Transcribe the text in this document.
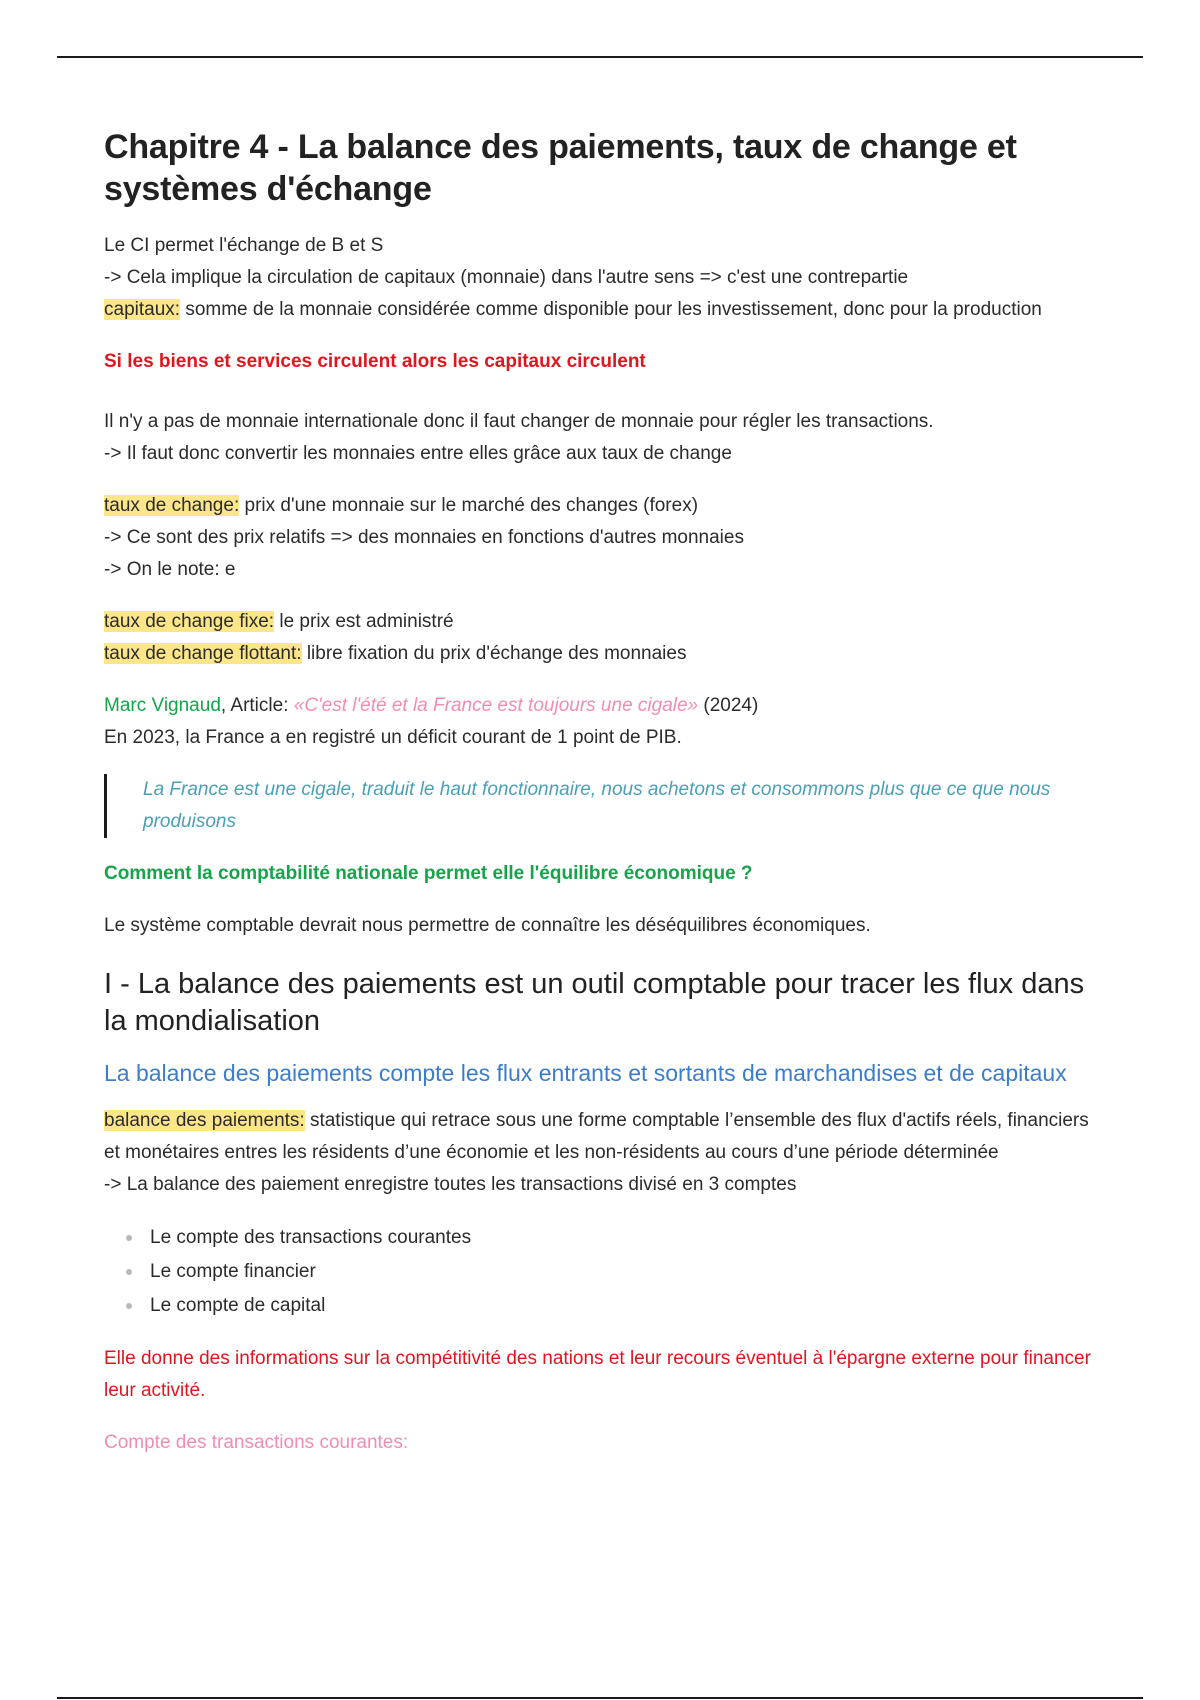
Chapitre 4 - La balance des paiements, taux de change et systèmes d'échange

Le CI permet l'échange de B et S

-> Cela implique la circulation de capitaux (monnaie) dans l'autre sens => c'est une contrepartie

capitaux: somme de la monnaie considérée comme disponible pour les investissement, donc pour la production

Si les biens et services circulent alors les capitaux circulent

Il n'y a pas de monnaie internationale donc il faut changer de monnaie pour régler les transactions.

-> Il faut donc convertir les monnaies entre elles grâce aux taux de change

taux de change: prix d'une monnaie sur le marché des changes (forex)

-> Ce sont des prix relatifs => des monnaies en fonctions d'autres monnaies

-> On le note: e

taux de change fixe: le prix est administré

taux de change flottant: libre fixation du prix d'échange des monnaies

Marc Vignaud, Article: «C'est l'été et la France est toujours une cigale» (2024)

En 2023, la France a en registré un déficit courant de 1 point de PIB.

La France est une cigale, traduit le haut fonctionnaire, nous achetons et consommons plus que ce que nous produisons

Comment la comptabilité nationale permet elle l'équilibre économique ?

Le système comptable devrait nous permettre de connaître les déséquilibres économiques.

I - La balance des paiements est un outil comptable pour tracer les flux dans la mondialisation
La balance des paiements compte les flux entrants et sortants de marchandises et de capitaux

balance des paiements: statistique qui retrace sous une forme comptable l’ensemble des flux d'actifs réels, financiers et monétaires entres les résidents d’une économie et les non-résidents au cours d’une période déterminée

-> La balance des paiement enregistre toutes les transactions divisé en 3 comptes

Le compte des transactions courantes
Le compte financier
Le compte de capital

Elle donne des informations sur la compétitivité des nations et leur recours éventuel à l'épargne externe pour financer leur activité.

Compte des transactions courantes:
